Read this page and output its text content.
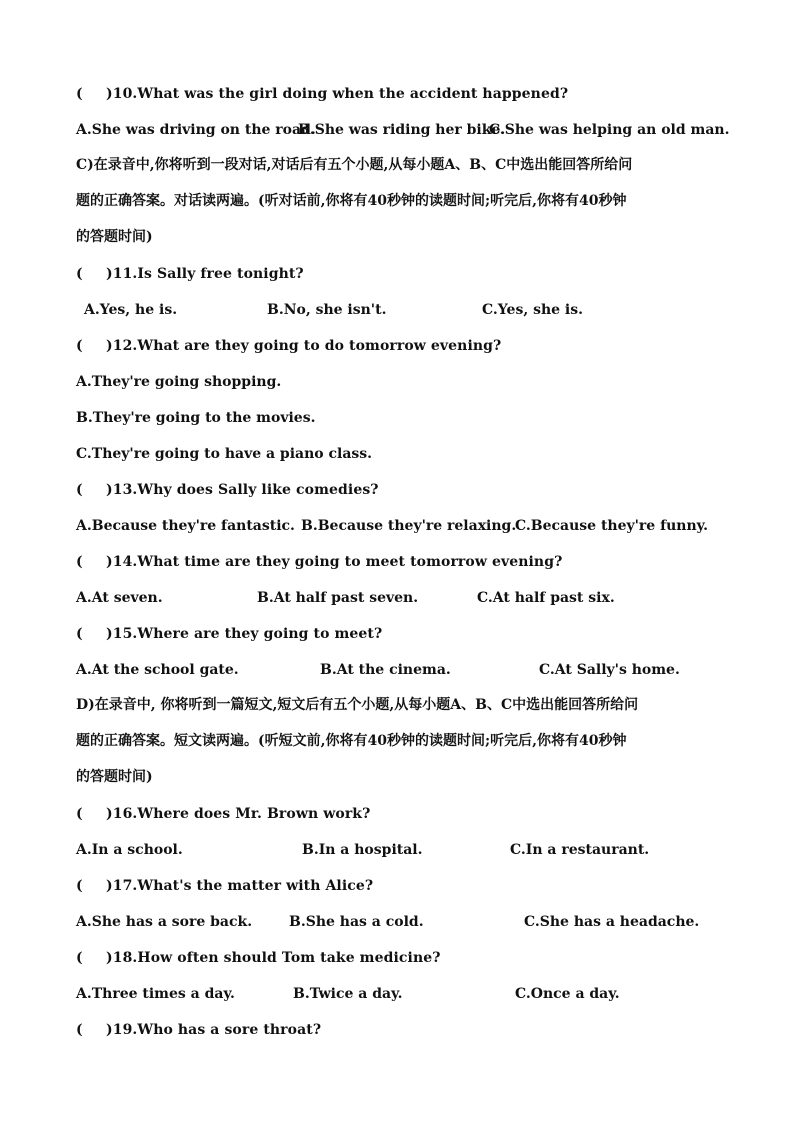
( )10.What was the girl doing when the accident happened?
A.She was driving on the road.
B.She was riding her bike.
C.She was helping an old man.
C)在录音中,你将听到一段对话,对话后有五个小题,从每小题A、B、C中选出能回答所给问
题的正确答案。对话读两遍。(听对话前,你将有40秒钟的读题时间;听完后,你将有40秒钟
的答题时间)
( )11.Is Sally free tonight?
A.Yes, he is.	B.No, she isn't.	C.Yes, she is.
( )12.What are they going to do tomorrow evening?
A.They're going shopping.
B.They're going to the movies.
C.They're going to have a piano class.
( )13.Why does Sally like comedies?
A.Because they're fantastic. B.Because they're relaxing.
C.Because they're funny.
( )14.What time are they going to meet tomorrow evening?
A.At seven.	B.At half past seven.	C.At half past six.
( )15.Where are they going to meet?
A.At the school gate.	B.At the cinema.	C.At Sally's home.
D)在录音中, 你将听到一篇短文,短文后有五个小题,从每小题A、B、C中选出能回答所给问
题的正确答案。短文读两遍。(听短文前,你将有40秒钟的读题时间;听完后,你将有40秒钟
的答题时间)
( )16.Where does Mr. Brown work?
A.In a school.	B.In a hospital.	C.In a restaurant.
( )17.What's the matter with Alice?
A.She has a sore back.	B.She has a cold.	C.She has a headache.
( )18.How often should Tom take medicine?
A.Three times a day.	B.Twice a day.	C.Once a day.
( )19.Who has a sore throat?
